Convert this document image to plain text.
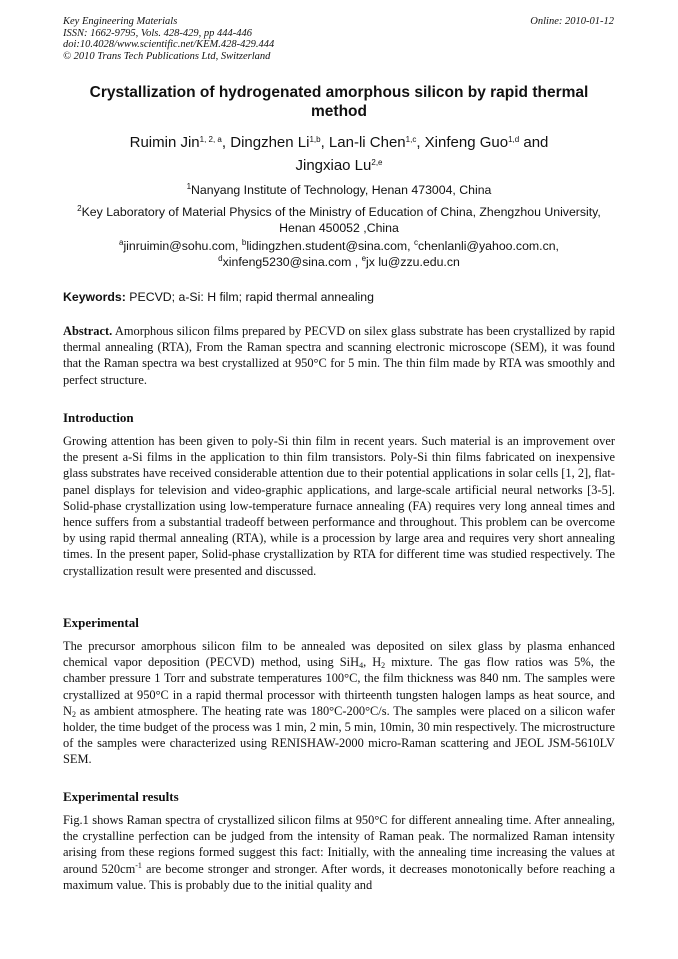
Key Engineering Materials
ISSN: 1662-9795, Vols. 428-429, pp 444-446
doi:10.4028/www.scientific.net/KEM.428-429.444
© 2010 Trans Tech Publications Ltd, Switzerland
Online: 2010-01-12
Crystallization of hydrogenated amorphous silicon by rapid thermal method
Ruimin Jin$^{1, 2, a}$, Dingzhen Li$^{1,b}$, Lan-li Chen$^{1,c}$, Xinfeng Guo$^{1,d}$ and
Jingxiao Lu$^{2,e}$
$^1$Nanyang Institute of Technology, Henan 473004, China
$^2$Key Laboratory of Material Physics of the Ministry of Education of China, Zhengzhou University, Henan 450052 ,China
$^a$jinruimin@sohu.com, $^b$lidingzhen.student@sina.com, $^c$chenlanli@yahoo.com.cn,
$^d$xinfeng5230@sina.com , $^e$jx lu@zzu.edu.cn
Keywords: PECVD; a-Si: H film; rapid thermal annealing
Abstract. Amorphous silicon films prepared by PECVD on silex glass substrate has been crystallized by rapid thermal annealing (RTA), From the Raman spectra and scanning electronic microscope (SEM), it was found that the Raman spectra wa best crystallized at 950°C for 5 min. The thin film made by RTA was smoothly and perfect structure.
Introduction
Growing attention has been given to poly-Si thin film in recent years. Such material is an improvement over the present a-Si films in the application to thin film transistors. Poly-Si thin films fabricated on inexpensive glass substrates have received considerable attention due to their potential applications in solar cells [1, 2], flat-panel displays for television and video-graphic applications, and large-scale artificial neural networks [3-5]. Solid-phase crystallization using low-temperature furnace annealing (FA) requires very long anneal times and hence suffers from a substantial tradeoff between performance and throughout. This problem can be overcome by using rapid thermal annealing (RTA), while is a procession by large area and requires very short annealing times. In the present paper, Solid-phase crystallization by RTA for different time was studied respectively. The crystallization result were presented and discussed.
Experimental
The precursor amorphous silicon film to be annealed was deposited on silex glass by plasma enhanced chemical vapor deposition (PECVD) method, using SiH$_4$, $H_2$ mixture. The gas flow ratios was 5%, the chamber pressure 1 Torr and substrate temperatures 100°C, the film thickness was 840 nm. The samples were crystallized at 950°C in a rapid thermal processor with thirteenth tungsten halogen lamps as heat source, and $N_2$ as ambient atmosphere. The heating rate was 180°C-200°C/s. The samples were placed on a silicon wafer holder, the time budget of the process was 1 min, 2 min, 5 min, 10min, 30 min respectively. The microstructure of the samples were characterized using RENISHAW-2000 micro-Raman scattering and JEOL JSM-5610LV SEM.
Experimental results
Fig.1 shows Raman spectra of crystallized silicon films at 950°C for different annealing time. After annealing, the crystalline perfection can be judged from the intensity of Raman peak. The normalized Raman intensity arising from these regions formed suggest this fact: Initially, with the annealing time increasing the values at around $520cm^{-1}$ are become stronger and stronger. After words, it decreases monotonically before reaching a maximum value. This is probably due to the initial quality and
